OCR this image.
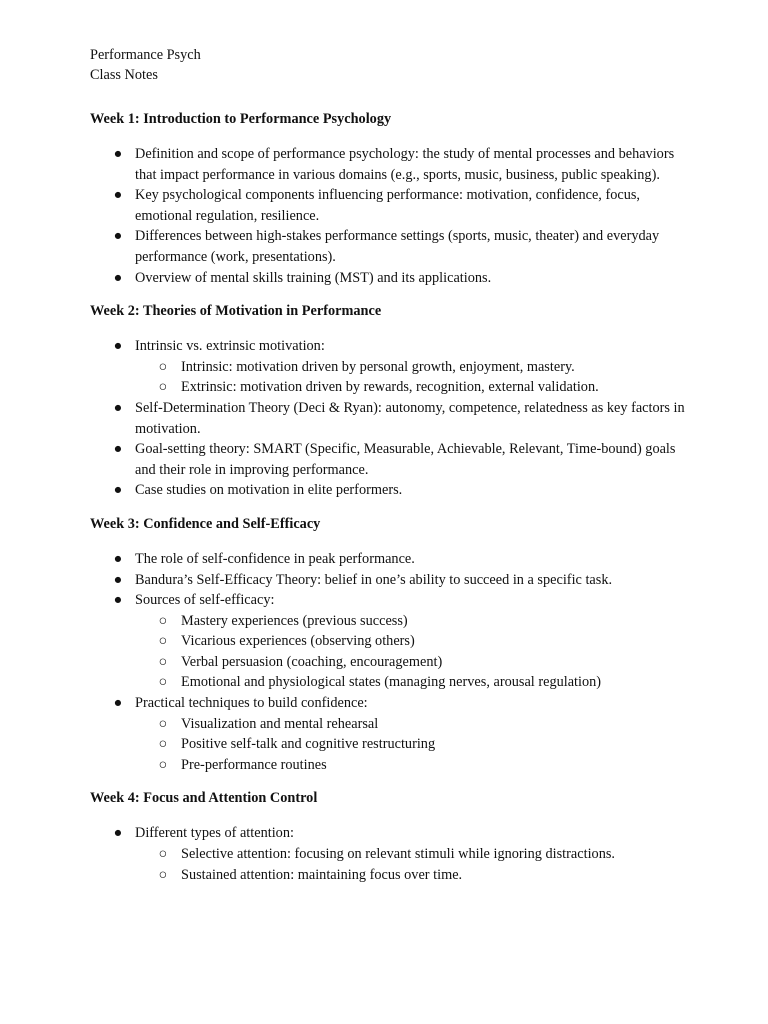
Performance Psych

Class Notes

Week 1: Introduction to Performance Psychology

● Definition and scope of performance psychology: the study of mental processes and behaviors that impact performance in various domains (e.g., sports, music, business, public speaking).
● Key psychological components influencing performance: motivation, confidence, focus, emotional regulation, resilience.
● Differences between high-stakes performance settings (sports, music, theater) and everyday performance (work, presentations).
● Overview of mental skills training (MST) and its applications.

Week 2: Theories of Motivation in Performance

● Intrinsic vs. extrinsic motivation:
○ Intrinsic: motivation driven by personal growth, enjoyment, mastery.
○ Extrinsic: motivation driven by rewards, recognition, external validation.
● Self-Determination Theory (Deci & Ryan): autonomy, competence, relatedness as key factors in motivation.
● Goal-setting theory: SMART (Specific, Measurable, Achievable, Relevant, Time-bound) goals and their role in improving performance.
● Case studies on motivation in elite performers.

Week 3: Confidence and Self-Efficacy

● The role of self-confidence in peak performance.
● Bandura’s Self-Efficacy Theory: belief in one’s ability to succeed in a specific task.
● Sources of self-efficacy:
○ Mastery experiences (previous success)
○ Vicarious experiences (observing others)
○ Verbal persuasion (coaching, encouragement)
○ Emotional and physiological states (managing nerves, arousal regulation)
● Practical techniques to build confidence:
○ Visualization and mental rehearsal
○ Positive self-talk and cognitive restructuring
○ Pre-performance routines

Week 4: Focus and Attention Control

● Different types of attention:
○ Selective attention: focusing on relevant stimuli while ignoring distractions.
○ Sustained attention: maintaining focus over time.
